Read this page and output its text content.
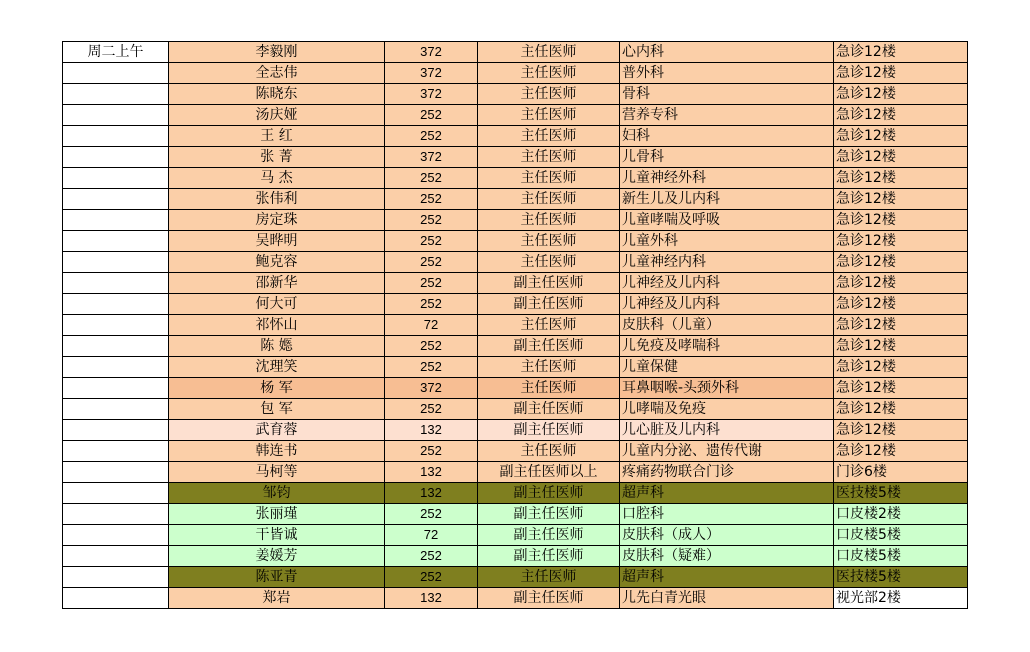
周二上午	李毅刚	372	主任医师	心内科	急诊12楼
	全志伟	372	主任医师	普外科	急诊12楼
	陈晓东	372	主任医师	骨科	急诊12楼
	汤庆娅	252	主任医师	营养专科	急诊12楼
	王 红	252	主任医师	妇科	急诊12楼
	张 菁	372	主任医师	儿骨科	急诊12楼
	马 杰	252	主任医师	儿童神经外科	急诊12楼
	张伟利	252	主任医师	新生儿及儿内科	急诊12楼
	房定珠	252	主任医师	儿童哮喘及呼吸	急诊12楼
	吴晔明	252	主任医师	儿童外科	急诊12楼
	鲍克容	252	主任医师	儿童神经内科	急诊12楼
	邵新华	252	副主任医师	儿神经及儿内科	急诊12楼
	何大可	252	副主任医师	儿神经及儿内科	急诊12楼
	祁怀山	72	主任医师	皮肤科（儿童）	急诊12楼
	陈 嫕	252	副主任医师	儿免疫及哮喘科	急诊12楼
	沈理笑	252	主任医师	儿童保健	急诊12楼
	杨 军	372	主任医师	耳鼻咽喉-头颈外科	急诊12楼
	包 军	252	副主任医师	儿哮喘及免疫	急诊12楼
	武育蓉	132	副主任医师	儿心脏及儿内科	急诊12楼
	韩连书	252	主任医师	儿童内分泌、遗传代谢	急诊12楼
	马柯等	132	副主任医师以上	疼痛药物联合门诊	门诊6楼
	邹钧	132	副主任医师	超声科	医技楼5楼
	张丽瑾	252	副主任医师	口腔科	口皮楼2楼
	干皆诚	72	副主任医师	皮肤科（成人）	口皮楼5楼
	姜媛芳	252	副主任医师	皮肤科（疑难）	口皮楼5楼
	陈亚青	252	主任医师	超声科	医技楼5楼
	郑岩	132	副主任医师	儿先白青光眼	视光部2楼
